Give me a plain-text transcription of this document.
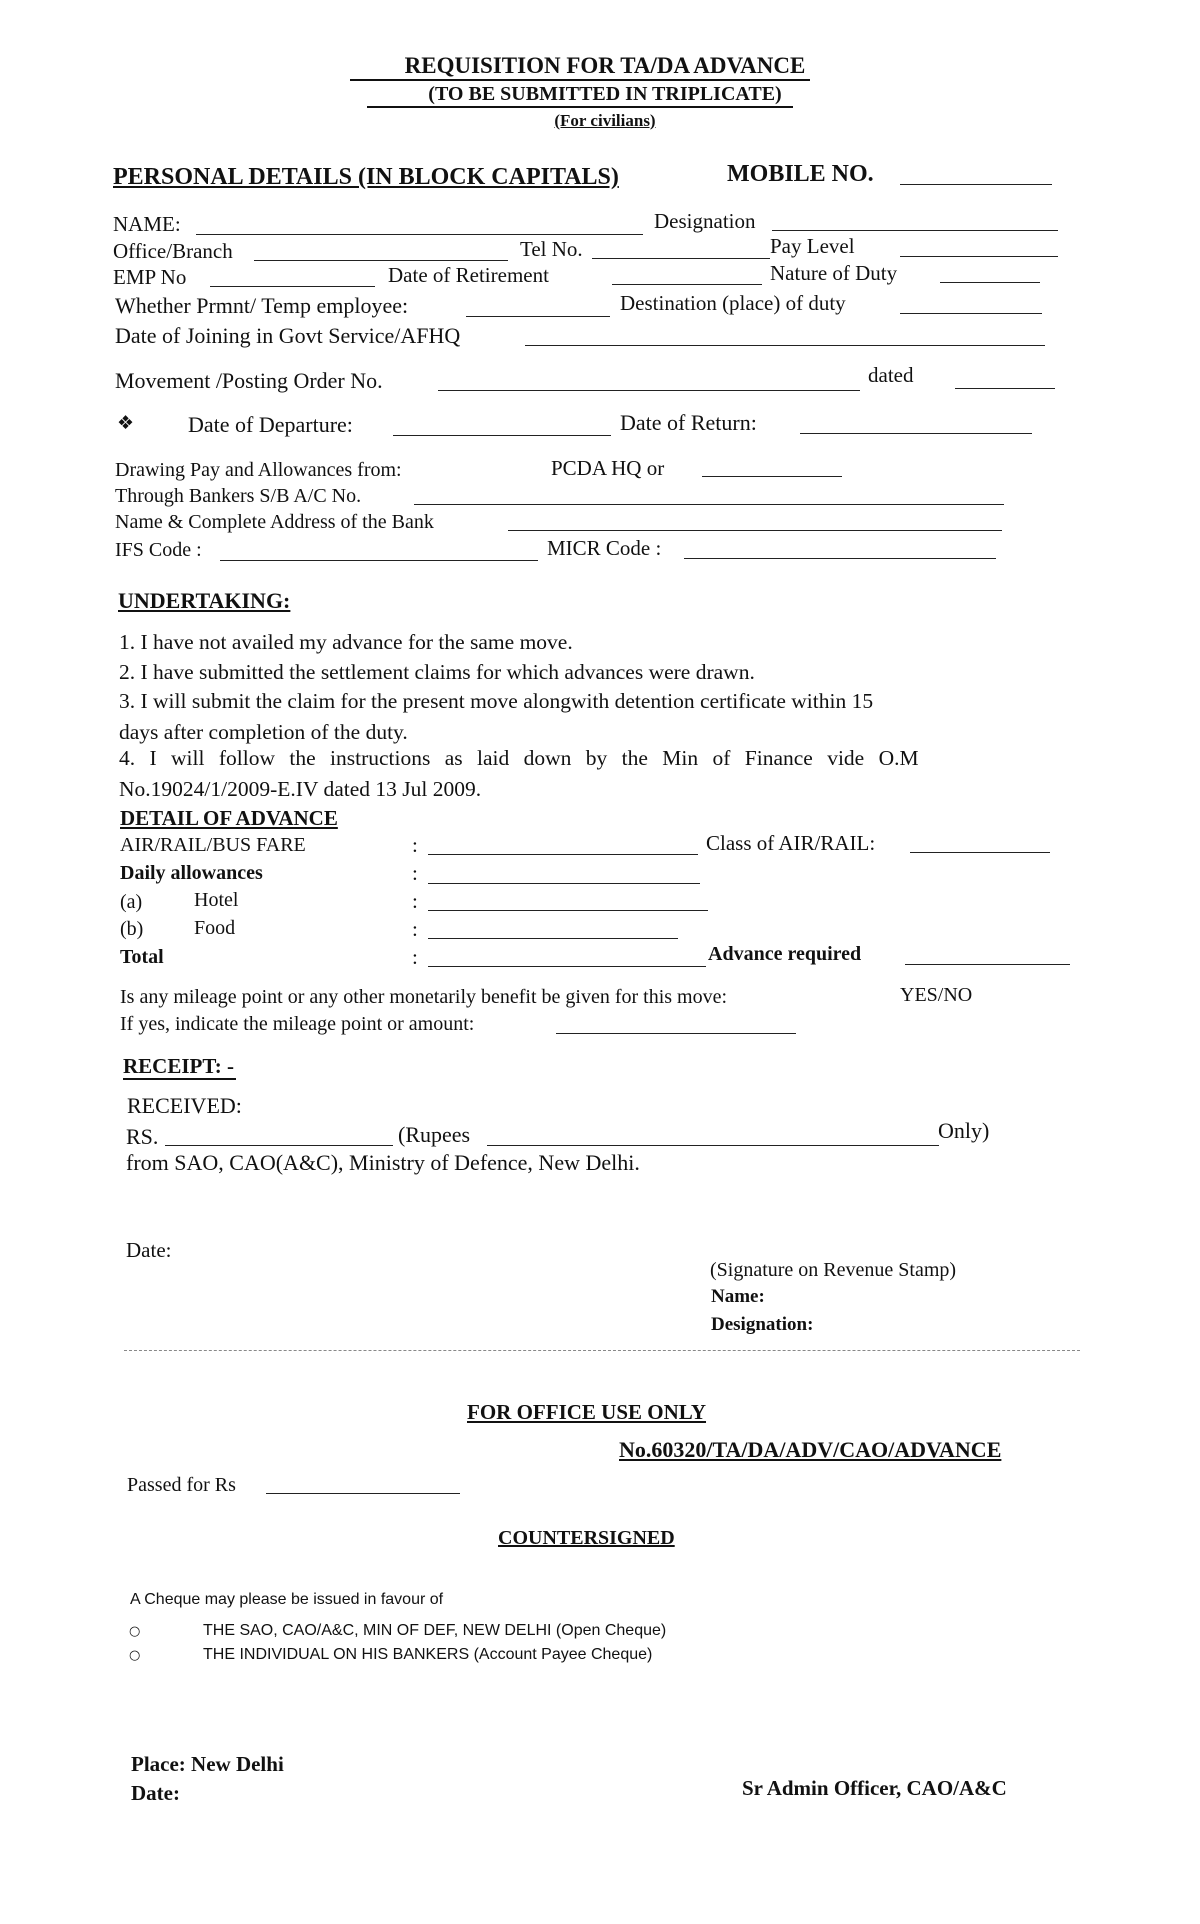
REQUISITION FOR TA/DA ADVANCE
(TO BE SUBMITTED IN TRIPLICATE)
(For civilians)
PERSONAL DETAILS (IN BLOCK CAPITALS)	MOBILE NO.
NAME:	Designation
Office/Branch	Tel No.	Pay Level
EMP No	Date of Retirement	Nature of Duty
Whether Prmnt/ Temp employee:	Destination (place) of duty
Date of Joining in Govt Service/AFHQ
Movement /Posting Order No.	dated
❖ Date of Departure:	Date of Return:
Drawing Pay and Allowances from:	PCDA HQ or
Through Bankers S/B A/C No.
Name & Complete Address of the Bank
IFS Code :	MICR Code :
UNDERTAKING:
1. I have not availed my advance for the same move.
2. I have submitted the settlement claims for which advances were drawn.
3. I will submit the claim for the present move alongwith detention certificate within 15
days after completion of the duty.
4. I will follow the instructions as laid down by the Min of Finance vide O.M
No.19024/1/2009-E.IV dated 13 Jul 2009.
DETAIL OF ADVANCE
AIR/RAIL/BUS FARE	:	Class of AIR/RAIL:
Daily allowances	:
(a)	Hotel	:
(b)	Food	:
Total	:	Advance required
Is any mileage point or any other monetarily benefit be given for this move:	YES/NO
If yes, indicate the mileage point or amount:
RECEIPT: -
RECEIVED:
RS.	(Rupees	Only)
from SAO, CAO(A&C), Ministry of Defence, New Delhi.
Date:
(Signature on Revenue Stamp)
Name:
Designation:
FOR OFFICE USE ONLY
No.60320/TA/DA/ADV/CAO/ADVANCE
Passed for Rs
COUNTERSIGNED
A Cheque may please be issued in favour of
○	THE SAO, CAO/A&C, MIN OF DEF, NEW DELHI (Open Cheque)
○	THE INDIVIDUAL ON HIS BANKERS (Account Payee Cheque)
Place: New Delhi
Date:	Sr Admin Officer, CAO/A&C
